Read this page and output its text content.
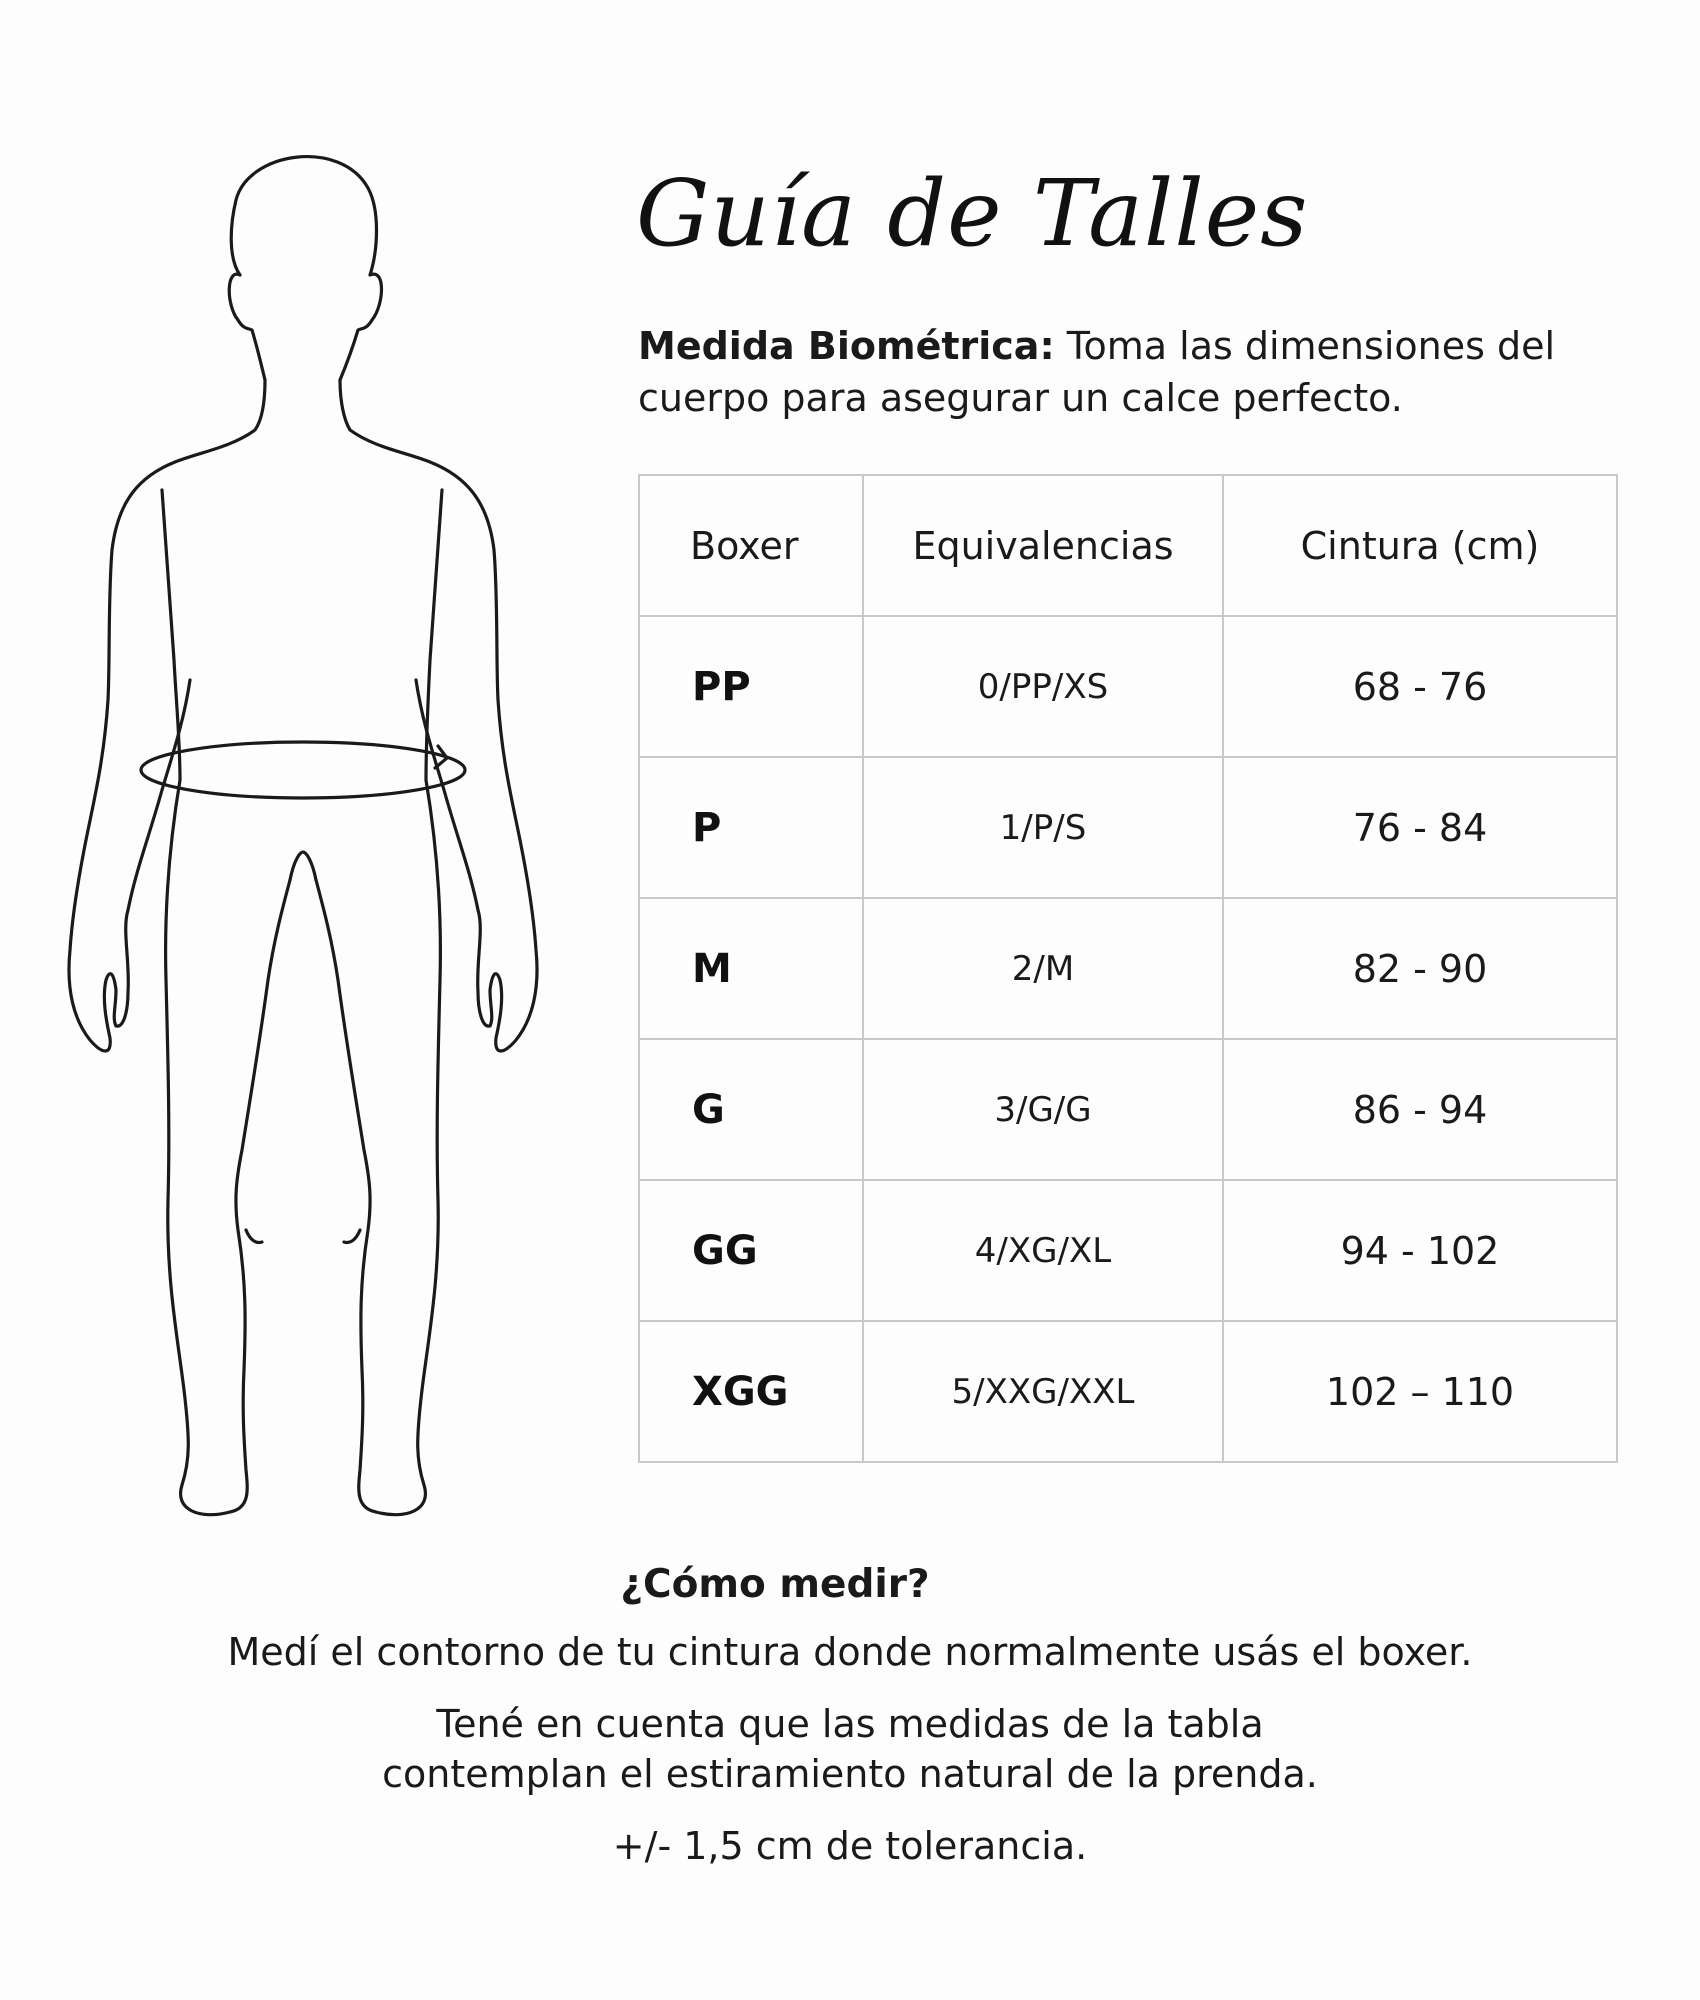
Guía de Talles
Medida Biométrica: Toma las dimensiones del cuerpo para asegurar un calce perfecto.
Boxer	Equivalencias	Cintura (cm)
PP	0/PP/XS	68 - 76
P	1/P/S	76 - 84
M	2/M	82 - 90
G	3/G/G	86 - 94
GG	4/XG/XL	94 - 102
XGG	5/XXG/XXL	102 – 110
¿Cómo medir?

Medí el contorno de tu cintura donde normalmente usás el boxer.

Tené en cuenta que las medidas de la tabla

contemplan el estiramiento natural de la prenda.

+/- 1,5 cm de tolerancia.
